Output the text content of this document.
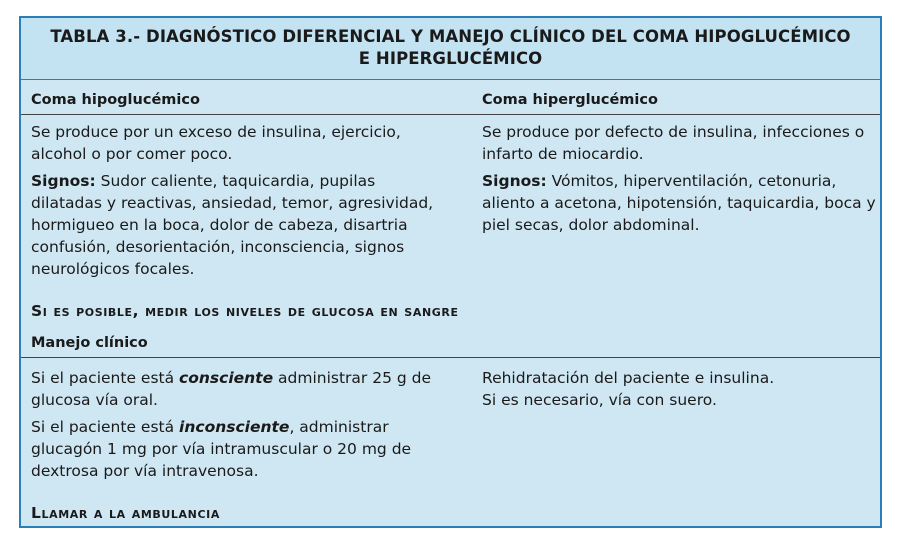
TABLA 3.- DIAGNÓSTICO DIFERENCIAL Y MANEJO CLÍNICO DEL COMA HIPOGLUCÉMICO
E HIPERGLUCÉMICO
Coma hipoglucémico	Coma hiperglucémico

Se produce por un exceso de insulina, ejercicio, alcohol o por comer poco.

Signos: Sudor caliente, taquicardia, pupilas dilatadas y reactivas, ansiedad, temor, agresividad, hormigueo en la boca, dolor de cabeza, disartria confusión, desorientación, inconsciencia, signos neurológicos focales.

Se produce por defecto de insulina, infecciones o infarto de miocardio.

Signos: Vómitos, hiperventilación, cetonuria, aliento a acetona, hipotensión, taquicardia, boca y piel secas, dolor abdominal.

Si es posible, medir los niveles de glucosa en sangre
Manejo clínico

Si el paciente está consciente administrar 25 g de glucosa vía oral.

Si el paciente está inconsciente, administrar glucagón 1 mg por vía intramuscular o 20 mg de dextrosa por vía intravenosa.

Rehidratación del paciente e insulina.
Si es necesario, vía con suero.
Llamar a la ambulancia
